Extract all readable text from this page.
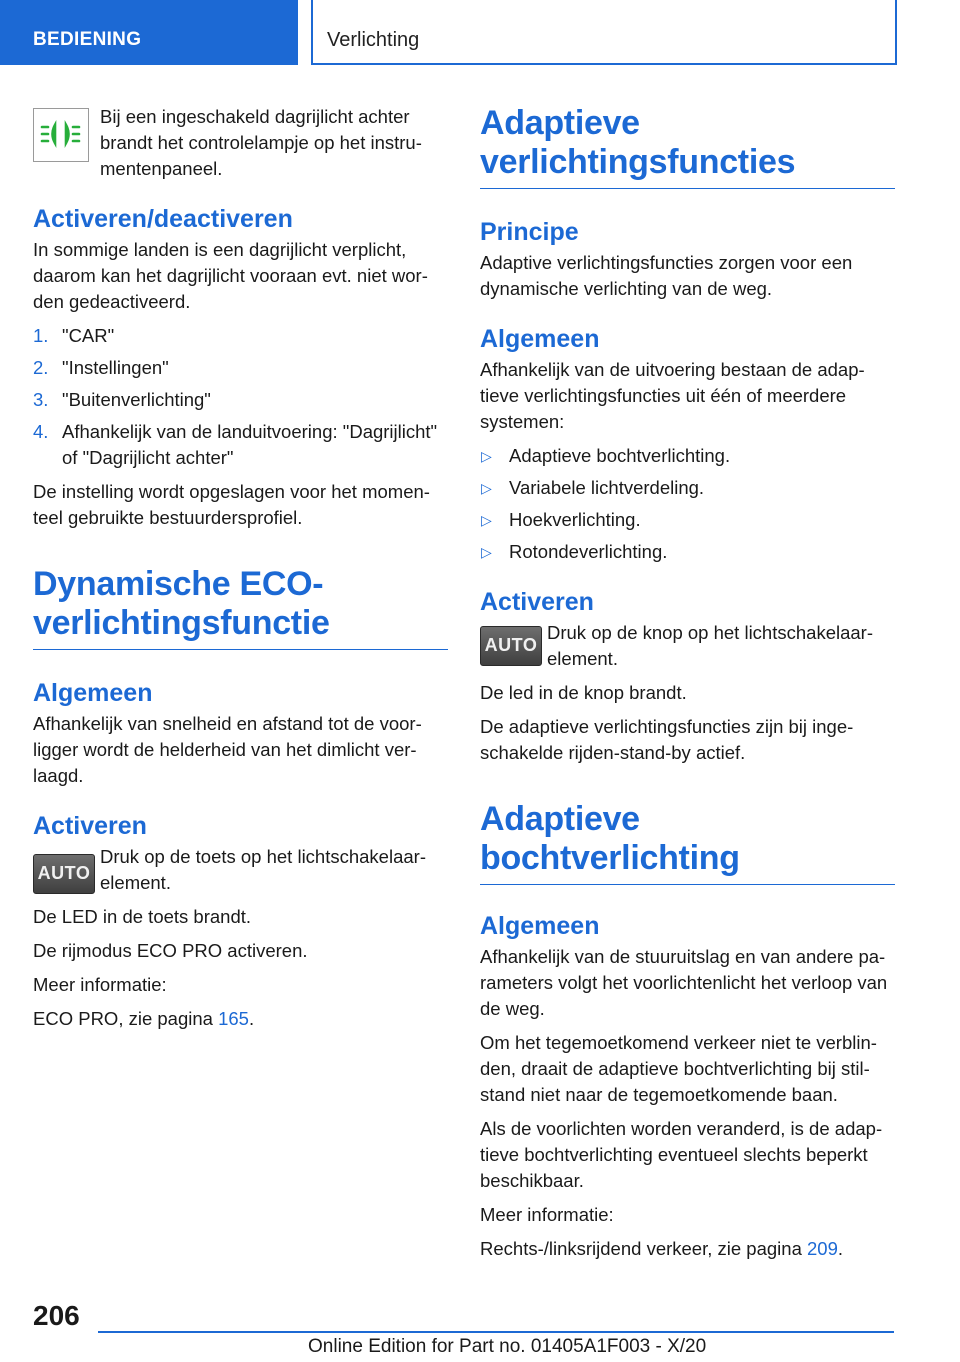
BEDIENING	Verlichting

Bij een ingeschakeld dagrijlicht achter brandt het controlelampje op het instrumentenpaneel.

Activeren/deactiveren

In sommige landen is een dagrijlicht verplicht, daarom kan het dagrijlicht vooraan evt. niet worden gedeactiveerd.

1. "CAR"
2. "Instellingen"
3. "Buitenverlichting"
4. Afhankelijk van de landuitvoering: "Dagrijlicht" of "Dagrijlicht achter"

De instelling wordt opgeslagen voor het momenteel gebruikte bestuurdersprofiel.

Dynamische ECO-verlichtingsfunctie
Algemeen

Afhankelijk van snelheid en afstand tot de voorligger wordt de helderheid van het dimlicht verlaagd.

Activeren
AUTO

Druk op de toets op het lichtschakelaarelement.

De LED in de toets brandt.

De rijmodus ECO PRO activeren.

Meer informatie:

ECO PRO, zie pagina 165.

Adaptieve verlichtingsfuncties
Principe

Adaptive verlichtingsfuncties zorgen voor een dynamische verlichting van de weg.

Algemeen

Afhankelijk van de uitvoering bestaan de adaptieve verlichtingsfuncties uit één of meerdere systemen:

▷ Adaptieve bochtverlichting.
▷ Variabele lichtverdeling.
▷ Hoekverlichting.
▷ Rotondeverlichting.
Activeren
AUTO

Druk op de knop op het lichtschakelaarelement.

De led in de knop brandt.

De adaptieve verlichtingsfuncties zijn bij ingeschakelde rijden-stand-by actief.

Adaptieve bochtverlichting
Algemeen

Afhankelijk van de stuuruitslag en van andere parameters volgt het voorlichtenlicht het verloop van de weg.

Om het tegemoetkomend verkeer niet te verblinden, draait de adaptieve bochtverlichting bij stilstand niet naar de tegemoetkomende baan.

Als de voorlichten worden veranderd, is de adaptieve bochtverlichting eventueel slechts beperkt beschikbaar.

Meer informatie:

Rechts-/linksrijdend verkeer, zie pagina 209.

206
Online Edition for Part no. 01405A1F003 - X/20
